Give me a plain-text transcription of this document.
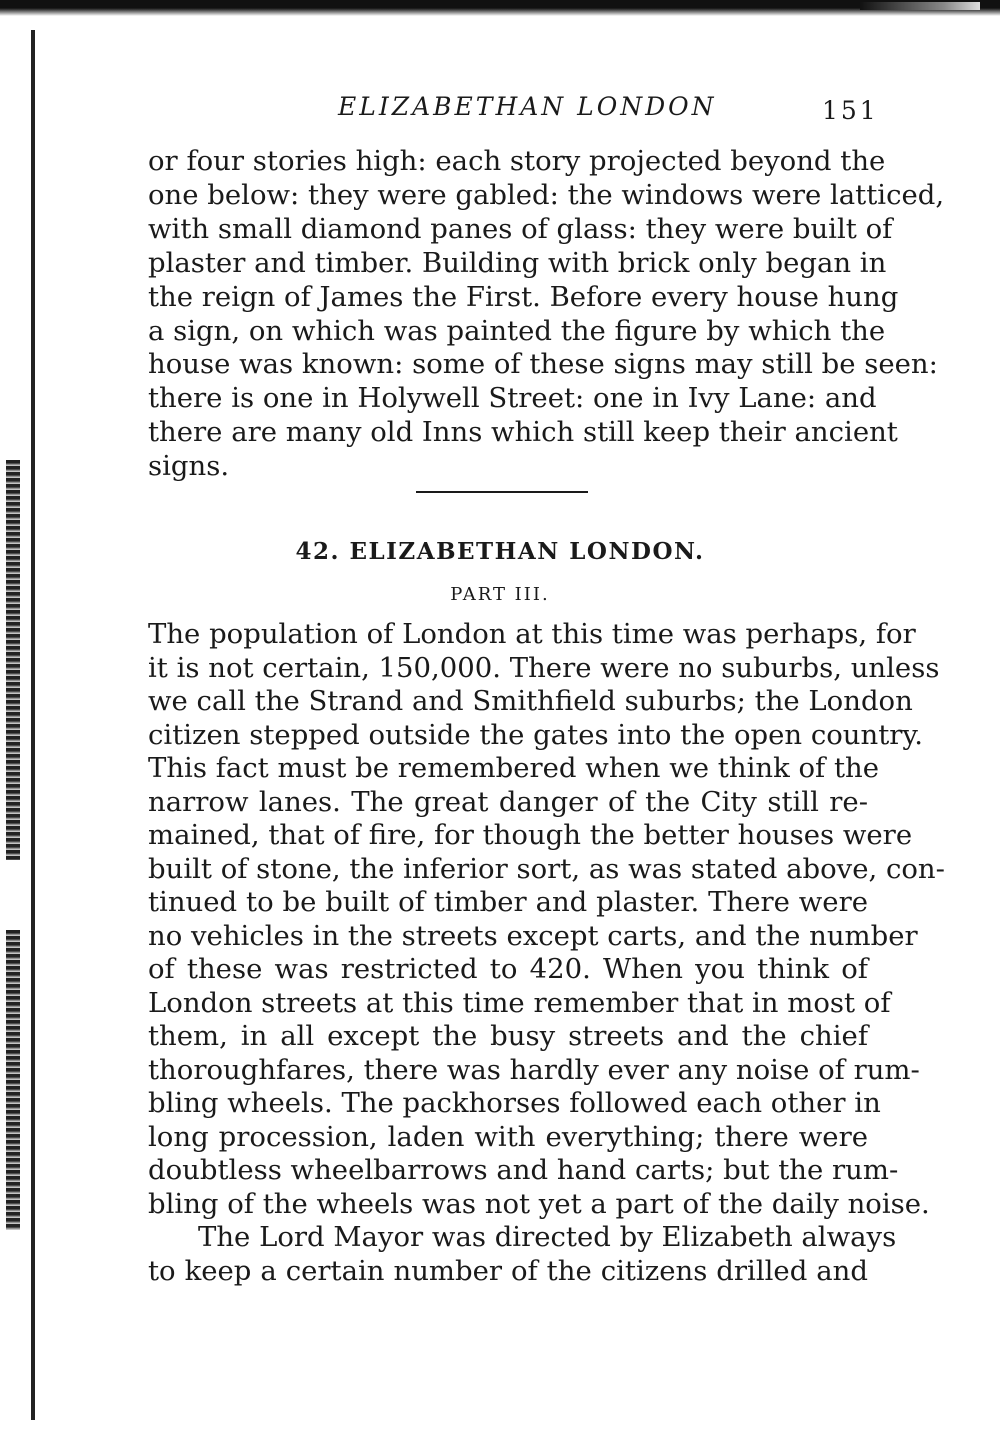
ELIZABETHAN LONDON	151
or four stories high: each story projected beyond the
one below: they were gabled: the windows were latticed,
with small diamond panes of glass: they were built of
plaster and timber. Building with brick only began in
the reign of James the First. Before every house hung
a sign, on which was painted the figure by which the
house was known: some of these signs may still be seen:
there is one in Holywell Street: one in Ivy Lane: and
there are many old Inns which still keep their ancient
signs.
42. ELIZABETHAN LONDON.
PART III.
The population of London at this time was perhaps, for
it is not certain, 150,000. There were no suburbs, unless
we call the Strand and Smithfield suburbs; the London
citizen stepped outside the gates into the open country.
This fact must be remembered when we think of the
narrow lanes. The great danger of the City still re-
mained, that of fire, for though the better houses were
built of stone, the inferior sort, as was stated above, con-
tinued to be built of timber and plaster. There were
no vehicles in the streets except carts, and the number
of these was restricted to 420. When you think of
London streets at this time remember that in most of
them, in all except the busy streets and the chief
thoroughfares, there was hardly ever any noise of rum-
bling wheels. The packhorses followed each other in
long procession, laden with everything; there were
doubtless wheelbarrows and hand carts; but the rum-
bling of the wheels was not yet a part of the daily noise.
The Lord Mayor was directed by Elizabeth always
to keep a certain number of the citizens drilled and
